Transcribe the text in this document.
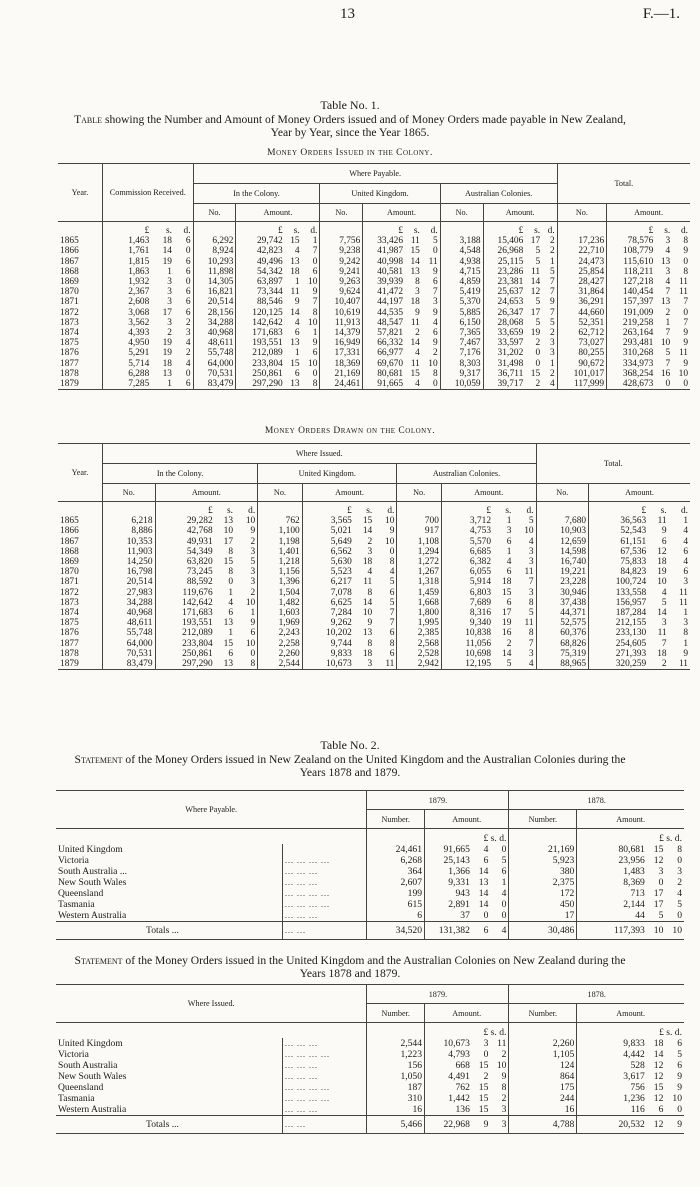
13	F.—1.
Table No. 1.
Table showing the Number and Amount of Money Orders issued and of Money Orders made payable in New Zealand, Year by Year, since the Year 1865.
Money Orders Issued in the Colony.
Year.	Commission Received.			Where Payable.												Total.			
				In the Colony.				United Kingdom.				Australian Colonies.							
				No.	Amount.			No.	Amount.			No.	Amount.			No.	Amount.		
	£	s.	d.		£	s.	d.		£	s.	d.		£	s.	d.		£	s.	d.
1865	1,463	18	6	6,292	29,742	15	1	7,756	33,426	11	5	3,188	15,406	17	2	17,236	78,576	3	8
1866	1,761	14	0	8,924	42,823	4	7	9,238	41,987	15	0	4,548	26,968	5	2	22,710	108,779	4	9
1867	1,815	19	6	10,293	49,496	13	0	9,242	40,998	14	11	4,938	25,115	5	1	24,473	115,610	13	0
1868	1,863	1	6	11,898	54,342	18	6	9,241	40,581	13	9	4,715	23,286	11	5	25,854	118,211	3	8
1869	1,932	3	0	14,305	63,897	1	10	9,263	39,939	8	6	4,859	23,381	14	7	28,427	127,218	4	11
1870	2,367	3	6	16,821	73,344	11	9	9,624	41,472	3	7	5,419	25,637	12	7	31,864	140,454	7	11
1871	2,608	3	6	20,514	88,546	9	7	10,407	44,197	18	3	5,370	24,653	5	9	36,291	157,397	13	7
1872	3,068	17	6	28,156	120,125	14	8	10,619	44,535	9	9	5,885	26,347	17	7	44,660	191,009	2	0
1873	3,562	3	2	34,288	142,642	4	10	11,913	48,547	11	4	6,150	28,068	5	5	52,351	219,258	1	7
1874	4,393	2	3	40,968	171,683	6	1	14,379	57,821	2	6	7,365	33,659	19	2	62,712	263,164	7	9
1875	4,950	19	4	48,611	193,551	13	9	16,949	66,332	14	9	7,467	33,597	2	3	73,027	293,481	10	9
1876	5,291	19	2	55,748	212,089	1	6	17,331	66,977	4	2	7,176	31,202	0	3	80,255	310,268	5	11
1877	5,714	18	4	64,000	233,804	15	10	18,369	69,670	11	10	8,303	31,498	0	1	90,672	334,973	7	9
1878	6,288	13	0	70,531	250,861	6	0	21,169	80,681	15	8	9,317	36,711	15	2	101,017	368,254	16	10
1879	7,285	1	6	83,479	297,290	13	8	24,461	91,665	4	0	10,059	39,717	2	4	117,999	428,673	0	0
Money Orders Drawn on the Colony.
Year.	Where Issued.												Total.			
	In the Colony.				United Kingdom.				Australian Colonies.							
	No.	Amount.			No.	Amount.			No.	Amount.			No.	Amount.		
		£	s.	d.		£	s.	d.		£	s.	d.		£	s.	d.
1865	6,218	29,282	13	10	762	3,565	15	10	700	3,712	1	5	7,680	36,563	11	1
1866	8,886	42,768	10	9	1,100	5,021	14	9	917	4,753	3	10	10,903	52,543	9	4
1867	10,353	49,931	17	2	1,198	5,649	2	10	1,108	5,570	6	4	12,659	61,151	6	4
1868	11,903	54,349	8	3	1,401	6,562	3	0	1,294	6,685	1	3	14,598	67,536	12	6
1869	14,250	63,820	15	5	1,218	5,630	18	8	1,272	6,382	4	3	16,740	75,833	18	4
1870	16,798	73,245	8	3	1,156	5,523	4	4	1,267	6,055	6	11	19,221	84,823	19	6
1871	20,514	88,592	0	3	1,396	6,217	11	5	1,318	5,914	18	7	23,228	100,724	10	3
1872	27,983	119,676	1	2	1,504	7,078	8	6	1,459	6,803	15	3	30,946	133,558	4	11
1873	34,288	142,642	4	10	1,482	6,625	14	5	1,668	7,689	6	8	37,438	156,957	5	11
1874	40,968	171,683	6	1	1,603	7,284	10	7	1,800	8,316	17	5	44,371	187,284	14	1
1875	48,611	193,551	13	9	1,969	9,262	9	7	1,995	9,340	19	11	52,575	212,155	3	3
1876	55,748	212,089	1	6	2,243	10,202	13	6	2,385	10,838	16	8	60,376	233,130	11	8
1877	64,000	233,804	15	10	2,258	9,744	8	8	2,568	11,056	2	7	68,826	254,605	7	1
1878	70,531	250,861	6	0	2,260	9,833	18	6	2,528	10,698	14	3	75,319	271,393	18	9
1879	83,479	297,290	13	8	2,544	10,673	3	11	2,942	12,195	5	4	88,965	320,259	2	11
Table No. 2.
Statement of the Money Orders issued in New Zealand on the United Kingdom and the Australian Colonies during the Years 1878 and 1879.
Where Payable.		1879.				1878.			
		Number.	Amount.			Number.	Amount.		
			£ s. d.				£ s. d.		
United Kingdom		24,461	91,665	4	0	21,169	80,681	15	8
Victoria	... ... ... ...	6,268	25,143	6	5	5,923	23,956	12	0
South Australia ...	... ... ...	364	1,366	14	6	380	1,483	3	3
New South Wales	... ... ...	2,607	9,331	13	1	2,375	8,369	0	2
Queensland	... ... ... ...	199	943	14	4	172	713	17	4
Tasmania	... ... ... ...	615	2,891	14	0	450	2,144	17	5
Western Australia	... ... ...	6	37	0	0	17	44	5	0
Totals ...	... ...	34,520	131,382	6	4	30,486	117,393	10	10
Statement of the Money Orders issued in the United Kingdom and the Australian Colonies on New Zealand during the Years 1878 and 1879.
Where Issued.		1879.				1878.			
		Number.	Amount.			Number.	Amount.		
			£ s. d.				£ s. d.		
United Kingdom	... ... ...	2,544	10,673	3	11	2,260	9,833	18	6
Victoria	... ... ... ...	1,223	4,793	0	2	1,105	4,442	14	5
South Australia	... ... ...	156	668	15	10	124	528	12	6
New South Wales	... ... ...	1,050	4,491	2	9	864	3,617	12	9
Queensland	... ... ... ...	187	762	15	8	175	756	15	9
Tasmania	... ... ... ...	310	1,442	15	2	244	1,236	12	10
Western Australia	... ... ...	16	136	15	3	16	116	6	0
Totals ...	... ...	5,466	22,968	9	3	4,788	20,532	12	9
